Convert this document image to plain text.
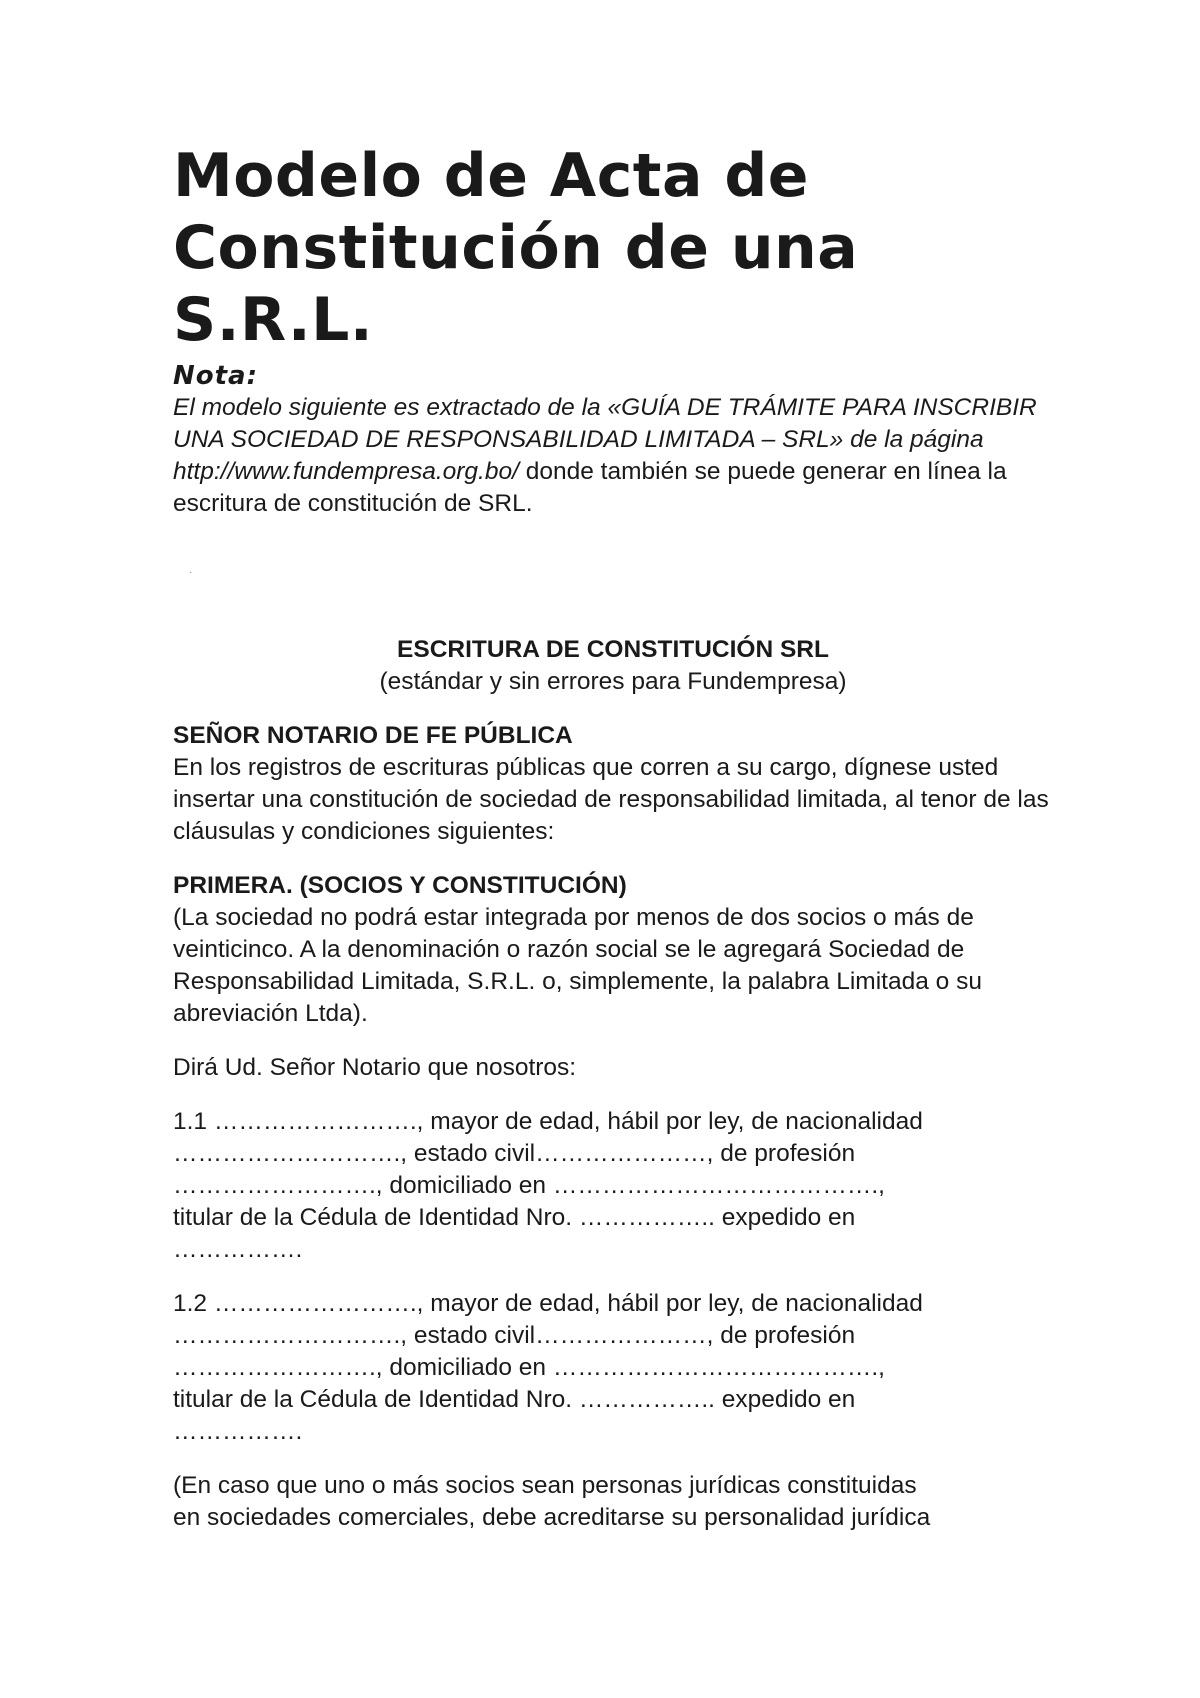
Modelo de Acta de
Constitución de una
S.R.L.
Nota:

El modelo siguiente es extractado de la «GUÍA DE TRÁMITE PARA INSCRIBIR UNA SOCIEDAD DE RESPONSABILIDAD LIMITADA – SRL» de la página http://www.fundempresa.org.bo/ donde también se puede generar en línea la escritura de constitución de SRL.

·
ESCRITURA DE CONSTITUCIÓN SRL
(estándar y sin errores para Fundempresa)
SEÑOR NOTARIO DE FE PÚBLICA

En los registros de escrituras públicas que corren a su cargo, dígnese usted insertar una constitución de sociedad de responsabilidad limitada, al tenor de las cláusulas y condiciones siguientes:

PRIMERA. (SOCIOS Y CONSTITUCIÓN)

(La sociedad no podrá estar integrada por menos de dos socios o más de veinticinco. A la denominación o razón social se le agregará Sociedad de Responsabilidad Limitada, S.R.L. o, simplemente, la palabra Limitada o su abreviación Ltda).

Dirá Ud. Señor Notario que nosotros:

1.1 ……………………., mayor de edad, hábil por ley, de nacionalidad
………………………., estado civil…………………, de profesión
……………………., domiciliado en ………………………………….,
titular de la Cédula de Identidad Nro. …………….. expedido en
…………….

1.2 ……………………., mayor de edad, hábil por ley, de nacionalidad
………………………., estado civil…………………, de profesión
……………………., domiciliado en ………………………………….,
titular de la Cédula de Identidad Nro. …………….. expedido en
…………….

(En caso que uno o más socios sean personas jurídicas constituidas
en sociedades comerciales, debe acreditarse su personalidad jurídica
